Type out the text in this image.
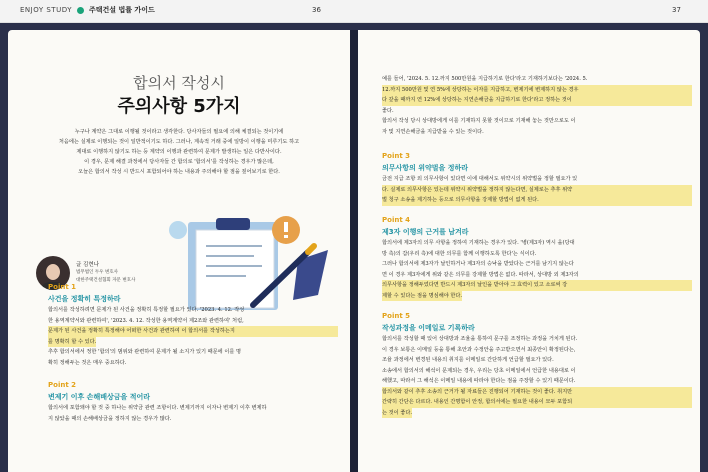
ENJOY STUDY 주택건설 법률 가이드	36	37
합의서 작성시
주의사항 5가지
누구나 계약은 그대로 이행될 것이라고 생각한다. 당사자들의 필요에 의해 체결되는 것이기에
처음에는 실제로 이행되는 것이 일반적이기도 하다. 그러나, 계속적 거래 중에 일방이 이행을 미루기도 하고
제대로 이행하지 않기도 하는 등 계약의 이행과 관련하여 문제가 발생하는 일은 다반사이다.
이 경우, 문제 해결 과정에서 당사자들 간 합의로 '합의서'를 작성하는 경우가 많은데,
오늘은 합의서 작성 시 반드시 포함되어야 하는 내용과 주의해야 할 점을 짚어보기로 한다.
글 김현나
법무법인 두우 변호사
대한주택건설협회 자문 변호사
Point 1
사건을 정확히 특정하라
합의서를 작성하려면 문제가 된 사건을 정확히 특정할 필요가 있다. '2023. 4. 12. 작성
한 용역계약서와 관련하여', '2023. 4. 12. 작성한 용역계약서 제2조와 관련하여' 처럼,
문제가 된 사건을 정확히 특정해야 어떠한 사건과 관련하여 이 합의서를 작성하는지
를 명확히 할 수 있다.
추후 합의서에서 정한 '합의'의 범위와 관련하여 문제가 될 소지가 있기 때문에 이를 명
확히 정해두는 것은 매우 중요하다.
Point 2
변제기 이후 손해배상금을 적어라
합의서에 포함돼야 할 것 중 하나는 위약금 관련 조항이다. 변제기까지 이자나 변제기 이후 변제하
지 않았을 때의 손해배상금을 정하지 않는 경우가 많다.
예를 들어, '2024. 5. 12.까지 500만원을 지급하기로 한다'라고 기재하기보다는 '2024. 5.
12.까지 500만원 및 연 5%에 상당하는 이자를 지급하고, 변제기에 변제하지 않는 경우
다 갚을 때까지 연 12%에 상당하는 지연손해금을 지급하기로 한다'라고 정하는 것이
좋다.
합의서 작성 당시 상대방에게 이를 기재하지 못할 것이므로 기재해 놓는 것만으로도 이
자 및 지연손해금을 지급받을 수 있는 것이다.
Point 3
의무사항의 위약벌을 정하라
금전 지급 조항 외 의무사항이 있다면 이에 대해서도 위약시의 위약벌을 정할 필요가 있
다. 실제로 의무사항은 있는데 위약시 위약벌을 정하지 않는다면, 실제로는 추후 위약
벌 청구 소송을 제기하는 등으로 의무사항을 강제할 방법이 없게 된다.
Point 4
제3자 이행의 근거를 남겨라
합의서에 제3자의 의무 사항을 정하여 기재하는 경우가 있다. '병(제3자) 역시 을(당대
방 측)의 갑(우리 측)에 대한 의무를 함께 이행하도록 한다'는 식이다.
그러나 합의서에 제3자가 날인하거나 제3자의 승낙을 받았다는 근거를 남기지 않는다
면 이 경우 제3자에게 위와 같은 의무를 강제할 방법은 없다. 따라서, 상대방 외 제3자의
의무사항을 정해두었다면 반드시 제3자의 날인을 받아야 그 효력이 있고 소로써 강
제할 수 있다는 점을 명심해야 한다.
Point 5
작성과정을 이메일로 기록하라
합의서를 작성할 때 있어 상대방과 조율을 통하여 문구를 조정하는 과정을 거치게 된다.
이 경우 보통은 이메일 등을 통해 초안과 수정안을 주고받으면서 최종안이 확정된다는,
조율 과정에서 변경된 내용의 취지를 이메일로 간단하게 언급할 필요가 있다.
소송에서 합의서의 해석이 문제되는 경우, 우리는 당초 이메일에서 언급한 내용대로 이
해했고, 따라서 그 해석은 이메일 내용에 따라야 한다는 점을 주장할 수 있기 때문이다.
합의서와 같이 추후 소송의 근거가 될 자료들은 진행되어 기재하는 것이 좋다. 취지만
간략히 간단은 다르다. 내용인 간명함이 안정, 합의서에는 필요한 내용이 모두 포함되
는 것이 좋다.
